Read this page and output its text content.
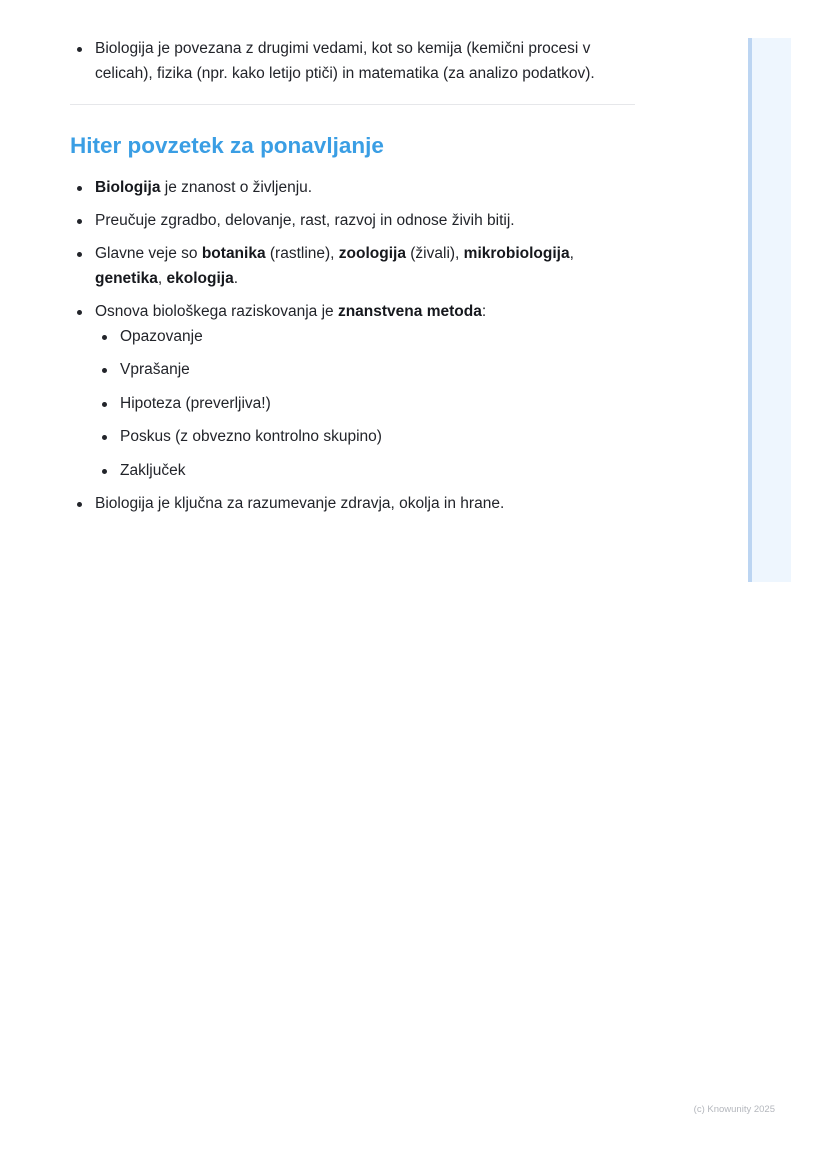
Biologija je povezana z drugimi vedami, kot so kemija (kemični procesi v celicah), fizika (npr. kako letijo ptiči) in matematika (za analizo podatkov).
Hiter povzetek za ponavljanje
Biologija je znanost o življenju.
Preučuje zgradbo, delovanje, rast, razvoj in odnose živih bitij.
Glavne veje so botanika (rastline), zoologija (živali), mikrobiologija, genetika, ekologija.
Osnova biološkega raziskovanja je znanstvena metoda:
Opazovanje
Vprašanje
Hipoteza (preverljiva!)
Poskus (z obvezno kontrolno skupino)
Zaključek
Biologija je ključna za razumevanje zdravja, okolja in hrane.
(c) Knowunity 2025
